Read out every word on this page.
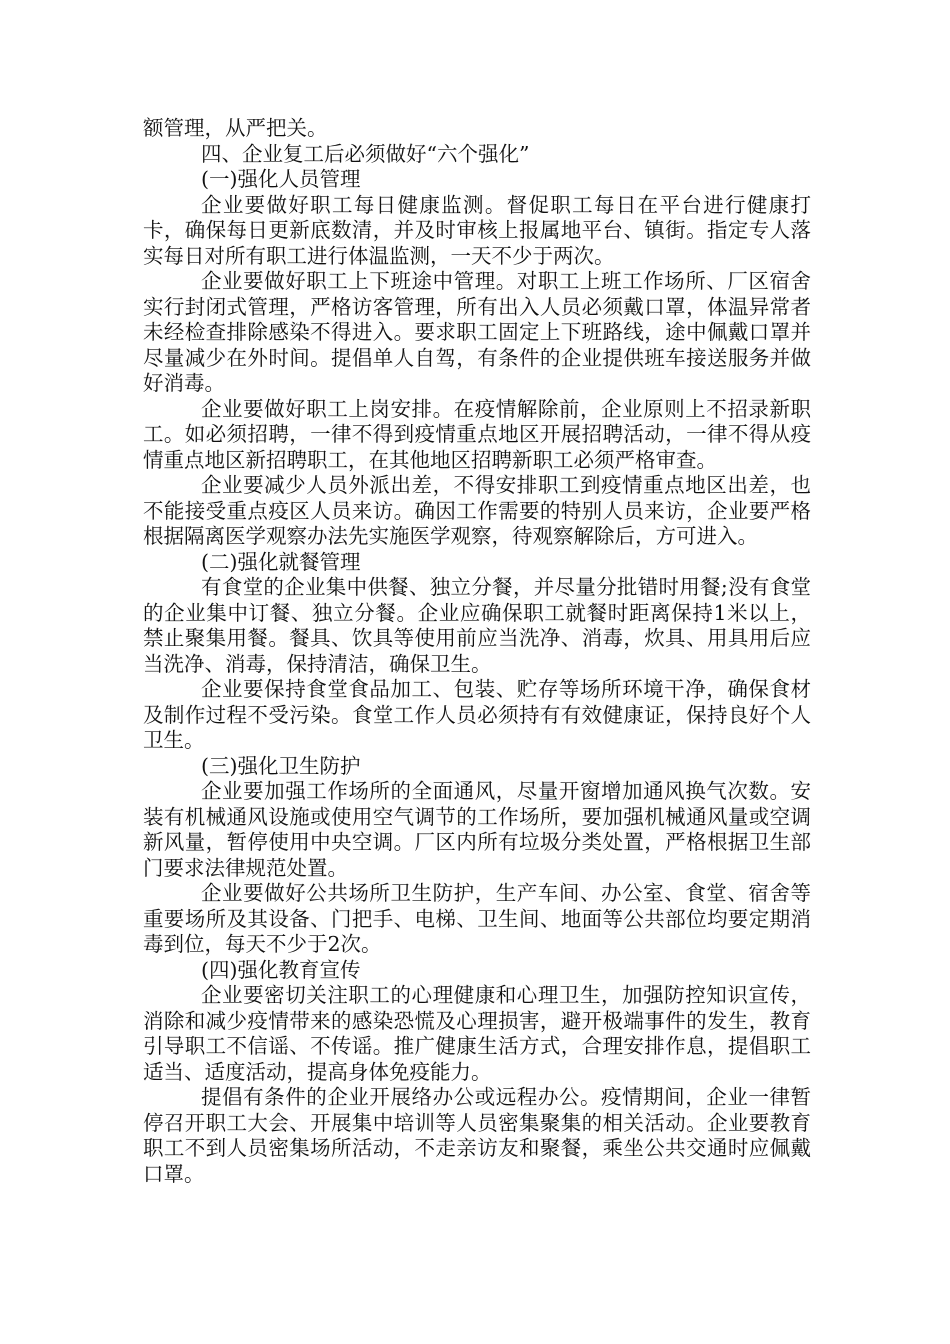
额管理，从严把关。

四、企业复工后必须做好“六个强化”

(一)强化人员管理

企业要做好职工每日健康监测。督促职工每日在平台进行健康打卡，确保每日更新底数清，并及时审核上报属地平台、镇街。指定专人落实每日对所有职工进行体温监测，一天不少于两次。

企业要做好职工上下班途中管理。对职工上班工作场所、厂区宿舍实行封闭式管理，严格访客管理，所有出入人员必须戴口罩，体温异常者未经检查排除感染不得进入。要求职工固定上下班路线，途中佩戴口罩并尽量减少在外时间。提倡单人自驾，有条件的企业提供班车接送服务并做好消毒。

企业要做好职工上岗安排。在疫情解除前，企业原则上不招录新职工。如必须招聘，一律不得到疫情重点地区开展招聘活动，一律不得从疫情重点地区新招聘职工，在其他地区招聘新职工必须严格审查。

企业要减少人员外派出差，不得安排职工到疫情重点地区出差，也不能接受重点疫区人员来访。确因工作需要的特别人员来访，企业要严格根据隔离医学观察办法先实施医学观察，待观察解除后，方可进入。

(二)强化就餐管理

有食堂的企业集中供餐、独立分餐，并尽量分批错时用餐;没有食堂的企业集中订餐、独立分餐。企业应确保职工就餐时距离保持1米以上，禁止聚集用餐。餐具、饮具等使用前应当洗净、消毒，炊具、用具用后应当洗净、消毒，保持清洁，确保卫生。

企业要保持食堂食品加工、包装、贮存等场所环境干净，确保食材及制作过程不受污染。食堂工作人员必须持有有效健康证，保持良好个人卫生。

(三)强化卫生防护

企业要加强工作场所的全面通风，尽量开窗增加通风换气次数。安装有机械通风设施或使用空气调节的工作场所，要加强机械通风量或空调新风量，暂停使用中央空调。厂区内所有垃圾分类处置，严格根据卫生部门要求法律规范处置。

企业要做好公共场所卫生防护，生产车间、办公室、食堂、宿舍等重要场所及其设备、门把手、电梯、卫生间、地面等公共部位均要定期消毒到位，每天不少于2次。

(四)强化教育宣传

企业要密切关注职工的心理健康和心理卫生，加强防控知识宣传，消除和减少疫情带来的感染恐慌及心理损害，避开极端事件的发生，教育引导职工不信谣、不传谣。推广健康生活方式，合理安排作息，提倡职工适当、适度活动，提高身体免疫能力。

提倡有条件的企业开展络办公或远程办公。疫情期间，企业一律暂停召开职工大会、开展集中培训等人员密集聚集的相关活动。企业要教育职工不到人员密集场所活动，不走亲访友和聚餐，乘坐公共交通时应佩戴口罩。
